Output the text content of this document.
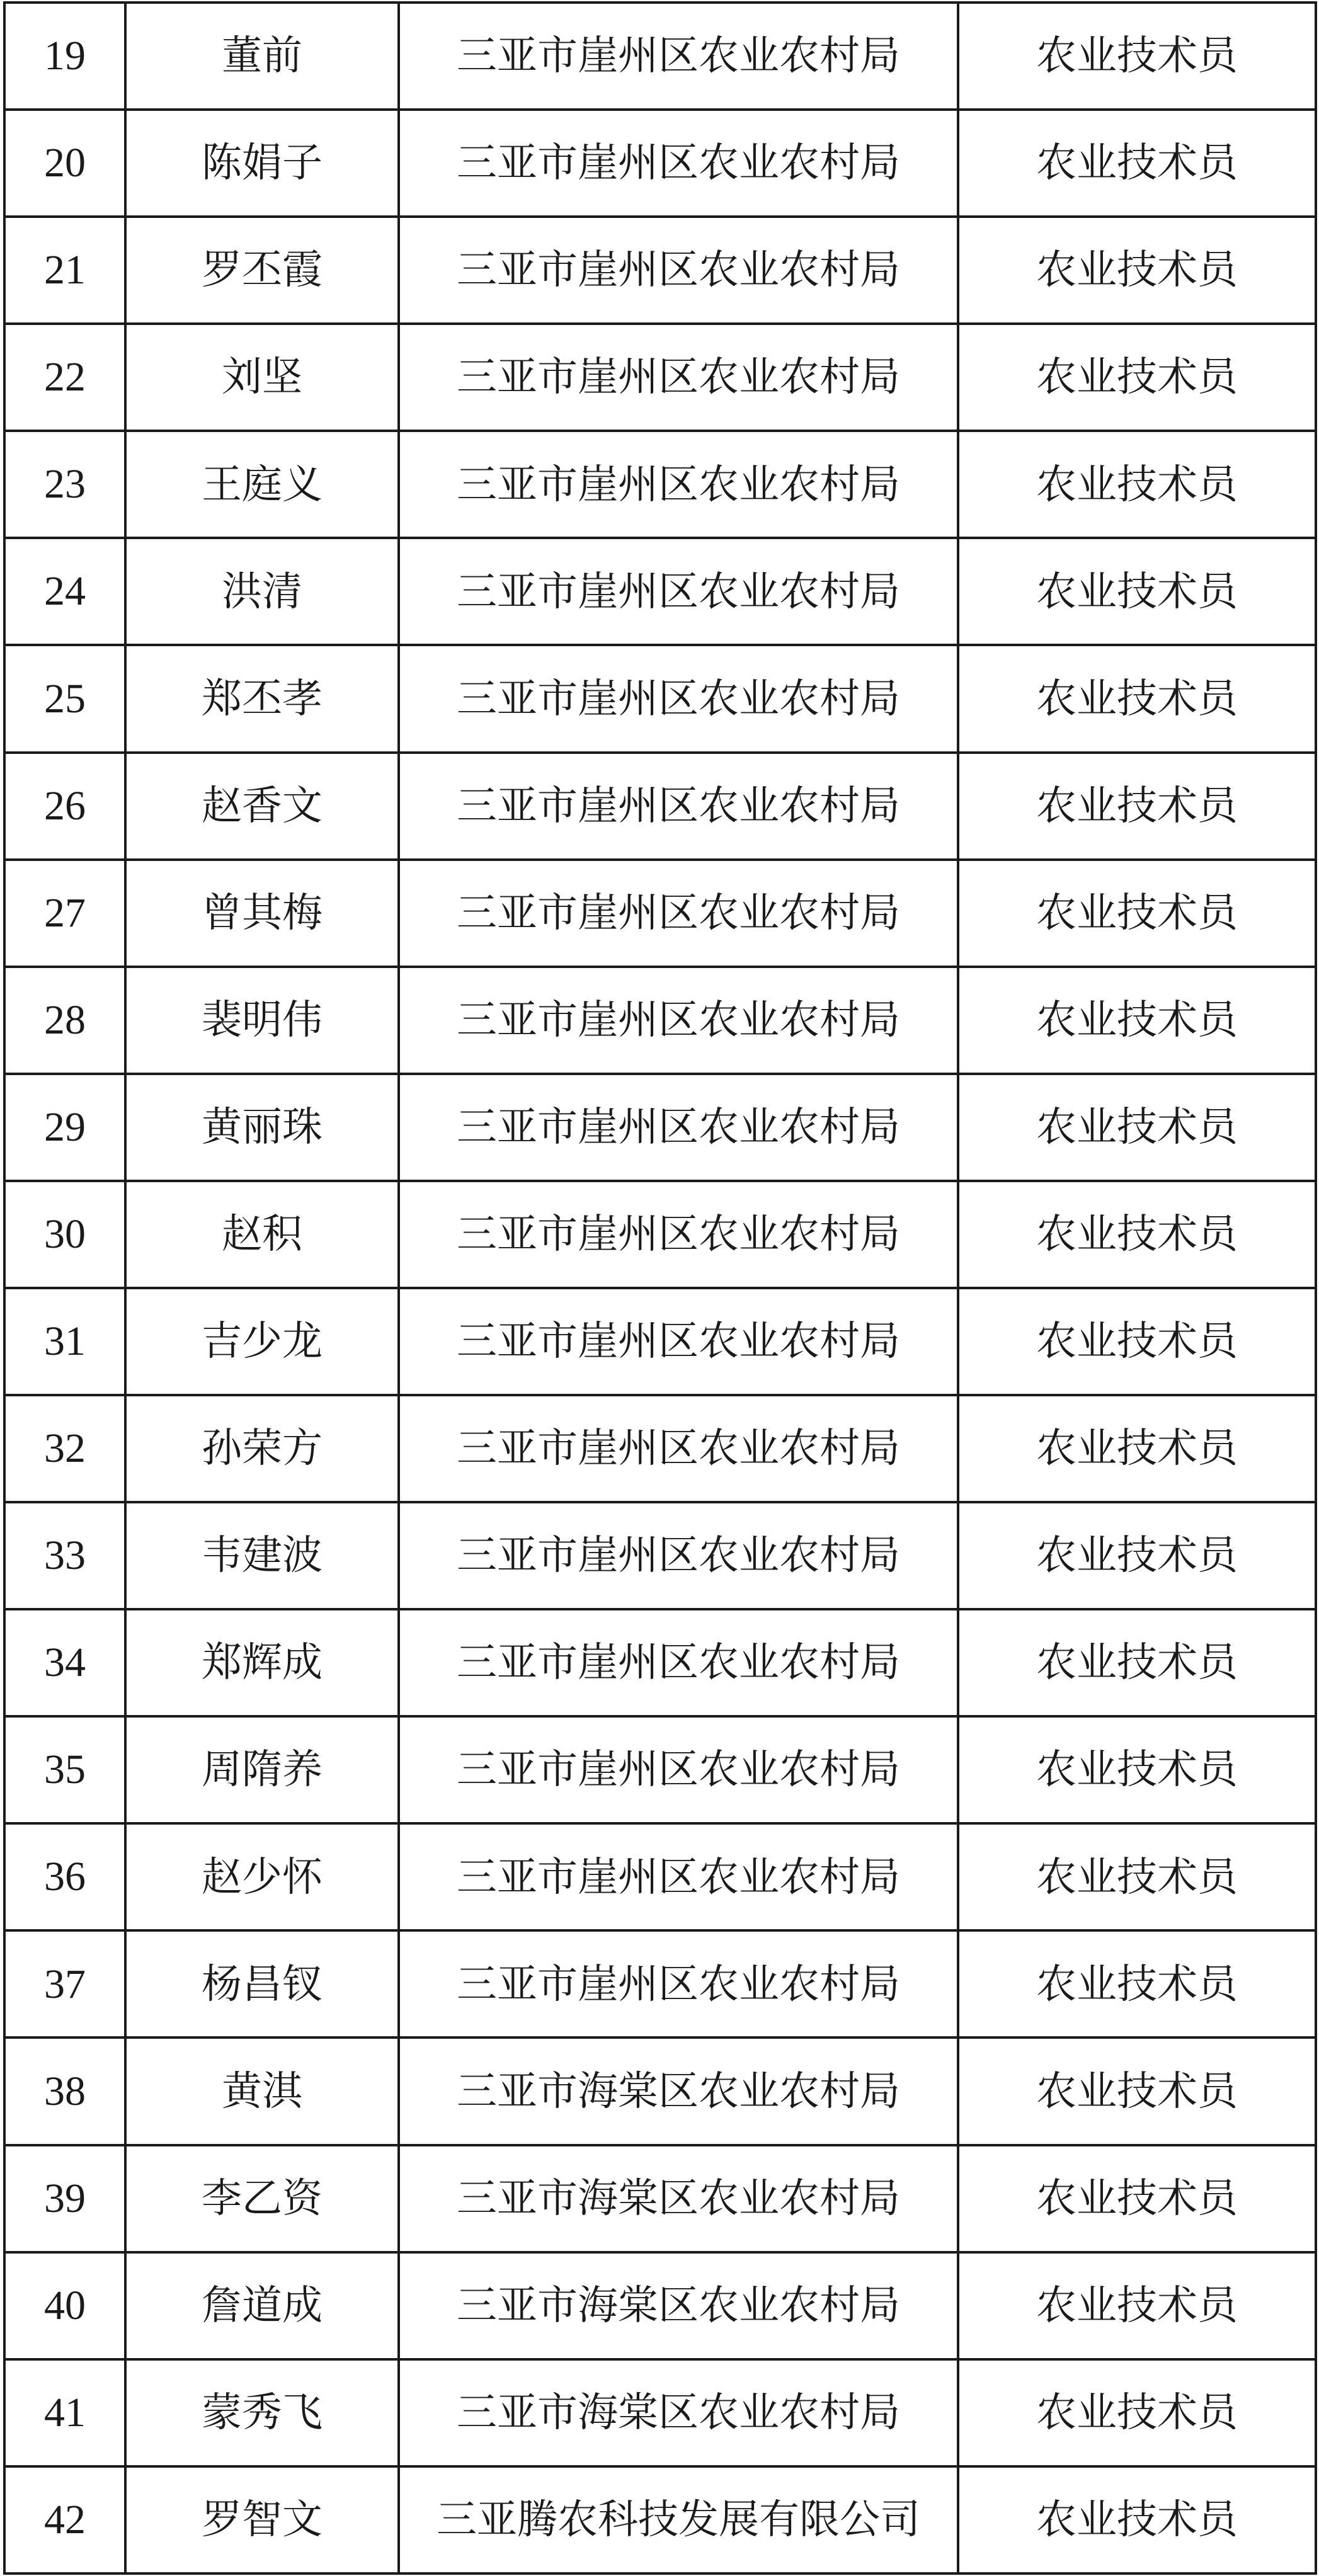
19	董前	三亚市崖州区农业农村局	农业技术员
20	陈娟子	三亚市崖州区农业农村局	农业技术员
21	罗丕霞	三亚市崖州区农业农村局	农业技术员
22	刘坚	三亚市崖州区农业农村局	农业技术员
23	王庭义	三亚市崖州区农业农村局	农业技术员
24	洪清	三亚市崖州区农业农村局	农业技术员
25	郑丕孝	三亚市崖州区农业农村局	农业技术员
26	赵香文	三亚市崖州区农业农村局	农业技术员
27	曾其梅	三亚市崖州区农业农村局	农业技术员
28	裴明伟	三亚市崖州区农业农村局	农业技术员
29	黄丽珠	三亚市崖州区农业农村局	农业技术员
30	赵积	三亚市崖州区农业农村局	农业技术员
31	吉少龙	三亚市崖州区农业农村局	农业技术员
32	孙荣方	三亚市崖州区农业农村局	农业技术员
33	韦建波	三亚市崖州区农业农村局	农业技术员
34	郑辉成	三亚市崖州区农业农村局	农业技术员
35	周隋养	三亚市崖州区农业农村局	农业技术员
36	赵少怀	三亚市崖州区农业农村局	农业技术员
37	杨昌钗	三亚市崖州区农业农村局	农业技术员
38	黄淇	三亚市海棠区农业农村局	农业技术员
39	李乙资	三亚市海棠区农业农村局	农业技术员
40	詹道成	三亚市海棠区农业农村局	农业技术员
41	蒙秀飞	三亚市海棠区农业农村局	农业技术员
42	罗智文	三亚腾农科技发展有限公司	农业技术员
